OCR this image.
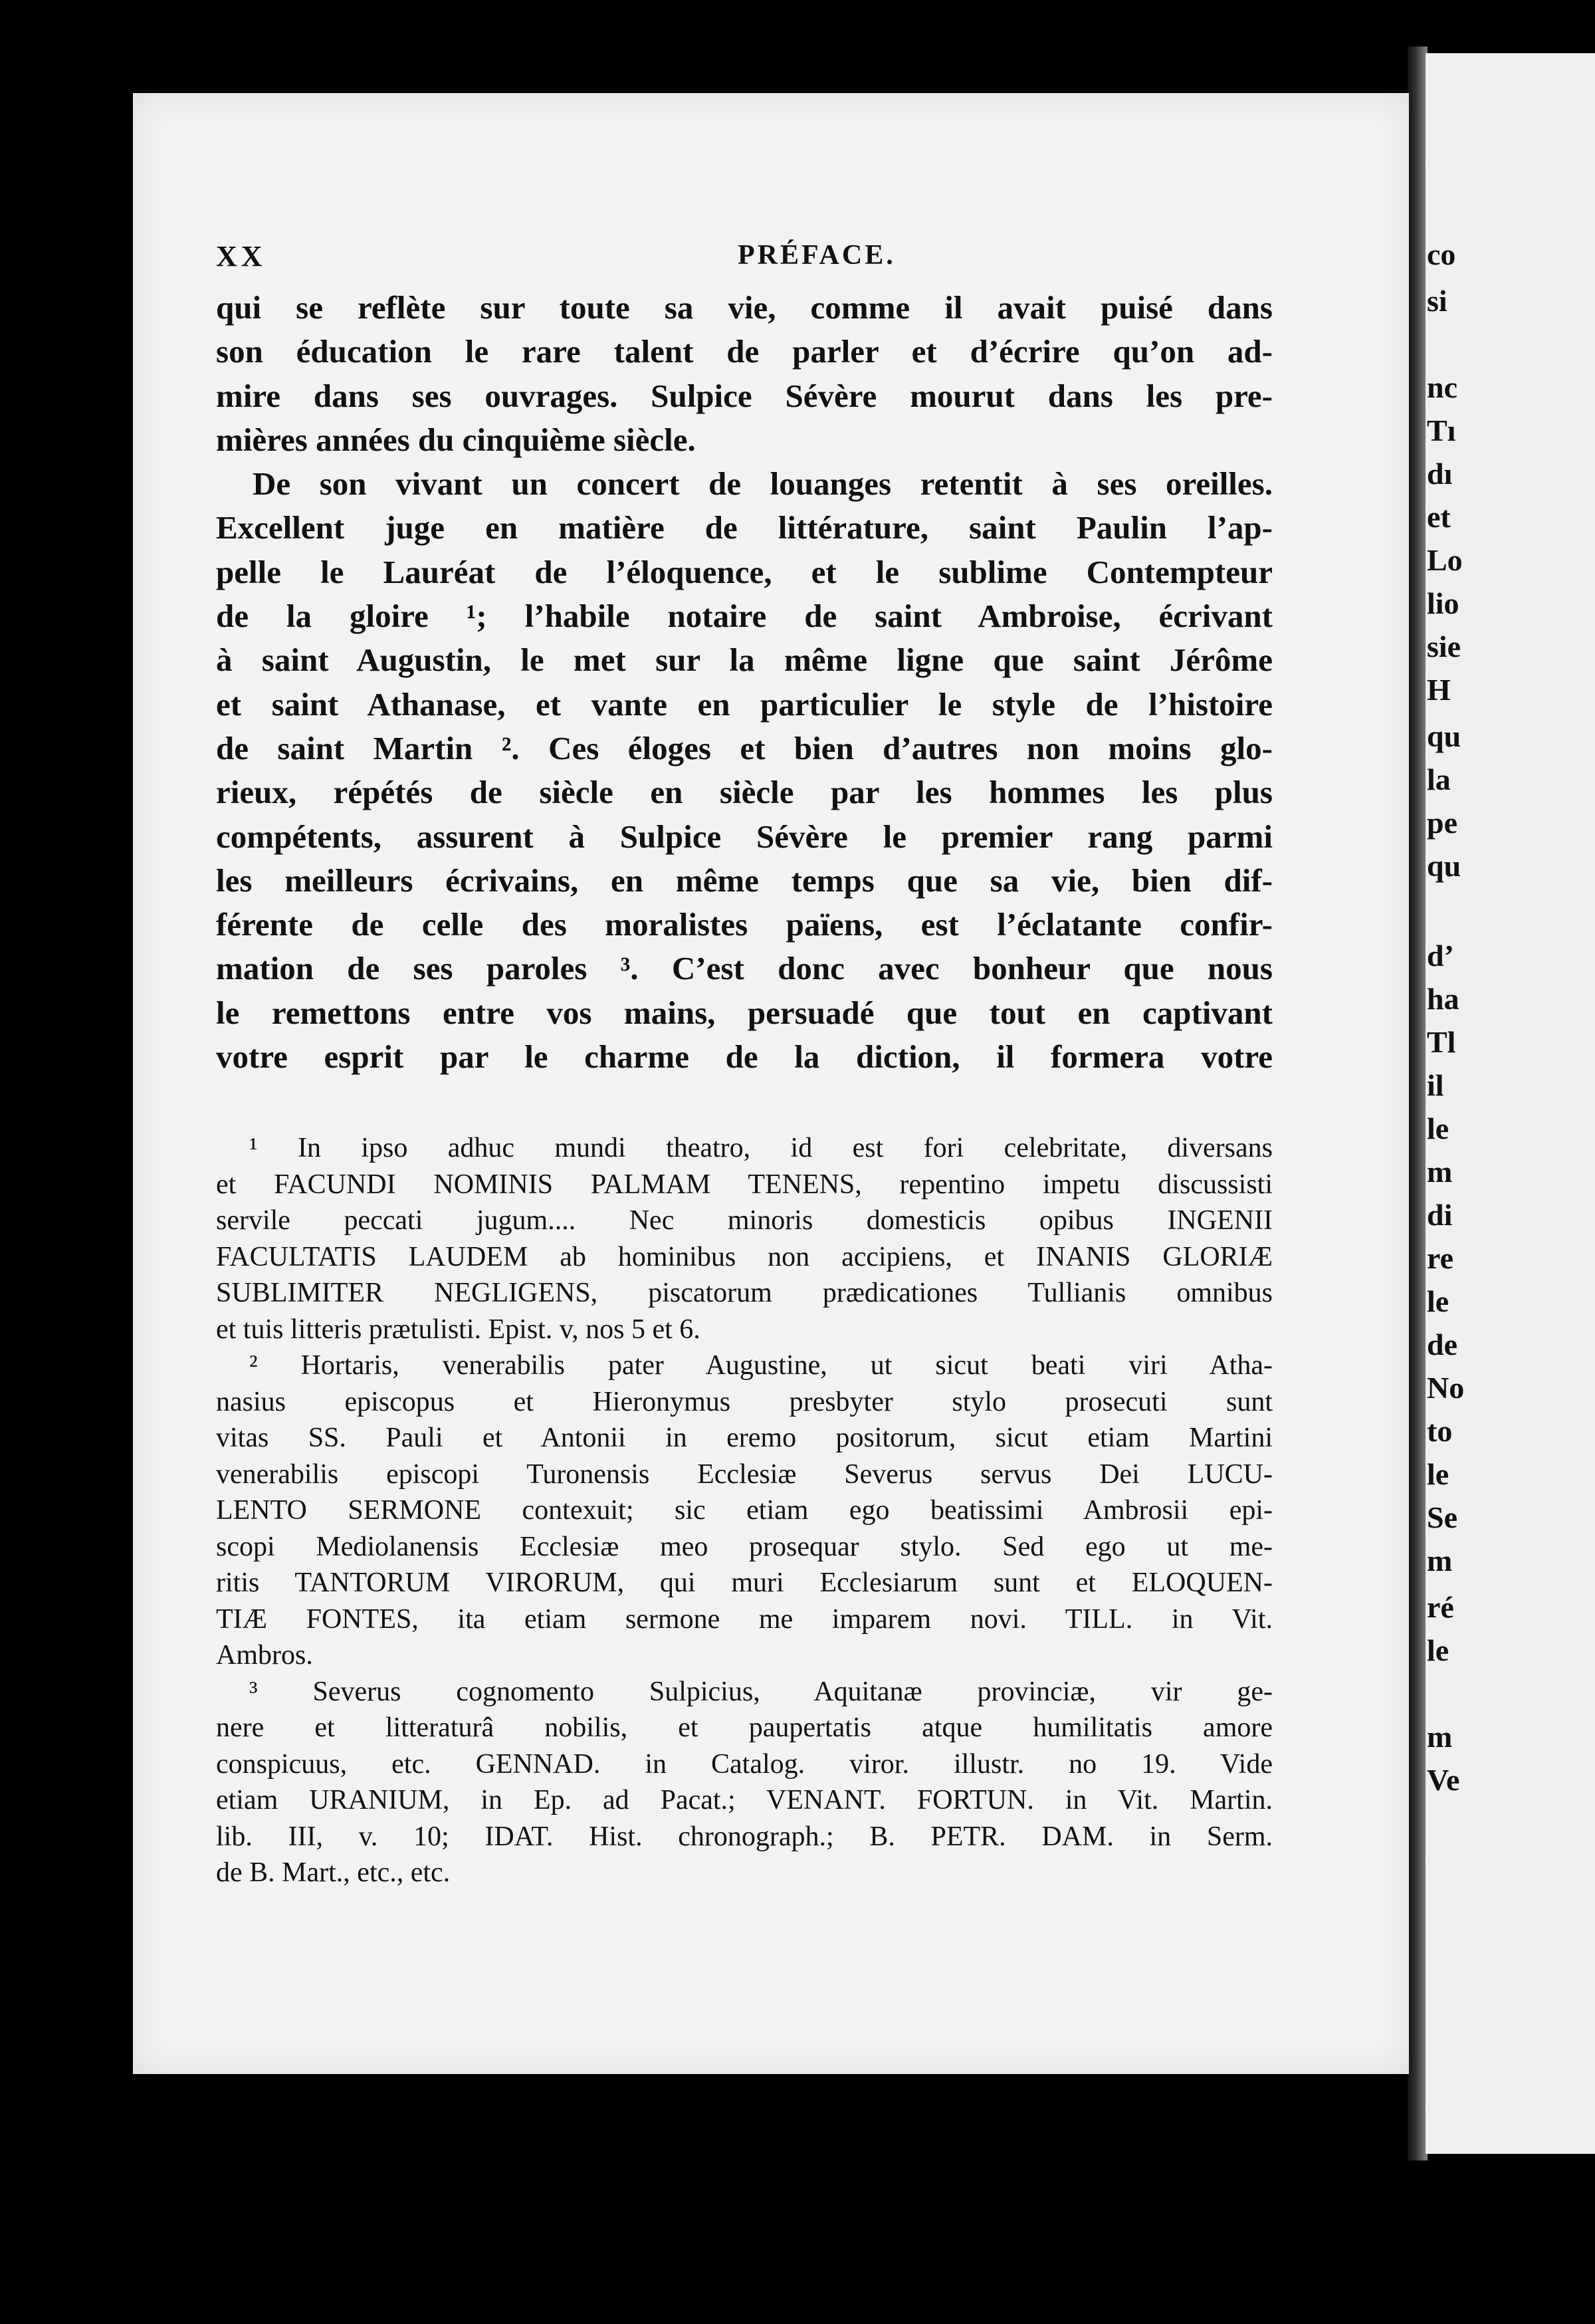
co
si
nc
Tı
dı
et
Lo
lio
sie
H
qu
la
pe
qu
d’
ha
Tl
il
le
m
di
re
le
de
No
to
le
Se
m
ré
le
m
Ve
XX	PRÉFACE.
qui se reflète sur toute sa vie, comme il avait puisé dans
son éducation le rare talent de parler et d’écrire qu’on ad-
mire dans ses ouvrages. Sulpice Sévère mourut dans les pre-
mières années du cinquième siècle.
De son vivant un concert de louanges retentit à ses oreilles.
Excellent juge en matière de littérature, saint Paulin l’ap-
pelle le Lauréat de l’éloquence, et le sublime Contempteur
de la gloire ¹; l’habile notaire de saint Ambroise, écrivant
à saint Augustin, le met sur la même ligne que saint Jérôme
et saint Athanase, et vante en particulier le style de l’histoire
de saint Martin ². Ces éloges et bien d’autres non moins glo-
rieux, répétés de siècle en siècle par les hommes les plus
compétents, assurent à Sulpice Sévère le premier rang parmi
les meilleurs écrivains, en même temps que sa vie, bien dif-
férente de celle des moralistes païens, est l’éclatante confir-
mation de ses paroles ³. C’est donc avec bonheur que nous
le remettons entre vos mains, persuadé que tout en captivant
votre esprit par le charme de la diction, il formera votre
¹ In ipso adhuc mundi theatro, id est fori celebritate, diversans
et FACUNDI NOMINIS PALMAM TENENS, repentino impetu discussisti
servile peccati jugum.... Nec minoris domesticis opibus INGENII
FACULTATIS LAUDEM ab hominibus non accipiens, et INANIS GLORIÆ
SUBLIMITER NEGLIGENS, piscatorum prædicationes Tullianis omnibus
et tuis litteris prætulisti. Epist. v, nos 5 et 6.
² Hortaris, venerabilis pater Augustine, ut sicut beati viri Atha-
nasius episcopus et Hieronymus presbyter stylo prosecuti sunt
vitas SS. Pauli et Antonii in eremo positorum, sicut etiam Martini
venerabilis episcopi Turonensis Ecclesiæ Severus servus Dei LUCU-
LENTO SERMONE contexuit; sic etiam ego beatissimi Ambrosii epi-
scopi Mediolanensis Ecclesiæ meo prosequar stylo. Sed ego ut me-
ritis TANTORUM VIRORUM, qui muri Ecclesiarum sunt et ELOQUEN-
TIÆ FONTES, ita etiam sermone me imparem novi. TILL. in Vit.
Ambros.
³ Severus cognomento Sulpicius, Aquitanæ provinciæ, vir ge-
nere et litteraturâ nobilis, et paupertatis atque humilitatis amore
conspicuus, etc. GENNAD. in Catalog. viror. illustr. no 19. Vide
etiam URANIUM, in Ep. ad Pacat.; VENANT. FORTUN. in Vit. Martin.
lib. III, v. 10; IDAT. Hist. chronograph.; B. PETR. DAM. in Serm.
de B. Mart., etc., etc.
